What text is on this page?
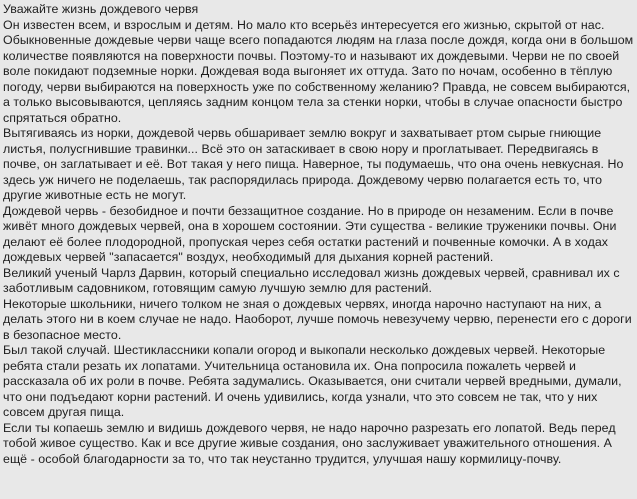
Уважайте жизнь дождевого червя

Он известен всем, и взрослым и детям. Но мало кто всерьёз интересуется его жизнью, скрытой от нас.

Обыкновенные дождевые черви чаще всего попадаются людям на глаза после дождя, когда они в большом количестве появляются на поверхности почвы. Поэтому-то и называют их дождевыми. Черви не по своей воле покидают подземные норки. Дождевая вода выгоняет их оттуда. Зато по ночам, особенно в тёплую погоду, черви выбираются на поверхность уже по собственному желанию? Правда, не совсем выбираются, а только высовываются, цепляясь задним концом тела за стенки норки, чтобы в случае опасности быстро спрятаться обратно.

Вытягиваясь из норки, дождевой червь обшаривает землю вокруг и захватывает ртом сырые гниющие листья, полусгнившие травинки... Всё это он затаскивает в свою нору и проглатывает. Передвигаясь в почве, он заглатывает и её. Вот такая у него пища. Наверное, ты подумаешь, что она очень невкусная. Но здесь уж ничего не поделаешь, так распорядилась природа. Дождевому червю полагается есть то, что другие животные есть не могут.

Дождевой червь - безобидное и почти беззащитное создание. Но в природе он незаменим. Если в почве живёт много дождевых червей, она в хорошем состоянии. Эти существа - великие труженики почвы. Они делают её более плодородной, пропуская через себя остатки растений и почвенные комочки. А в ходах дождевых червей "запасается" воздух, необходимый для дыхания корней растений.

Великий ученый Чарлз Дарвин, который специально исследовал жизнь дождевых червей, сравнивал их с заботливым садовником, готовящим самую лучшую землю для растений.

Некоторые школьники, ничего толком не зная о дождевых червях, иногда нарочно наступают на них, а делать этого ни в коем случае не надо. Наоборот, лучше помочь невезучему червю, перенести его с дороги в безопасное место.

Был такой случай. Шестиклассники копали огород и выкопали несколько дождевых червей. Некоторые ребята стали резать их лопатами. Учительница остановила их. Она попросила пожалеть червей и рассказала об их роли в почве. Ребята задумались. Оказывается, они считали червей вредными, думали, что они подъедают корни растений. И очень удивились, когда узнали, что это совсем не так, что у них совсем другая пища.

Если ты копаешь землю и видишь дождевого червя, не надо нарочно разрезать его лопатой. Ведь перед тобой живое существо. Как и все другие живые создания, оно заслуживает уважительного отношения. А ещё - особой благодарности за то, что так неустанно трудится, улучшая нашу кормилицу-почву.
